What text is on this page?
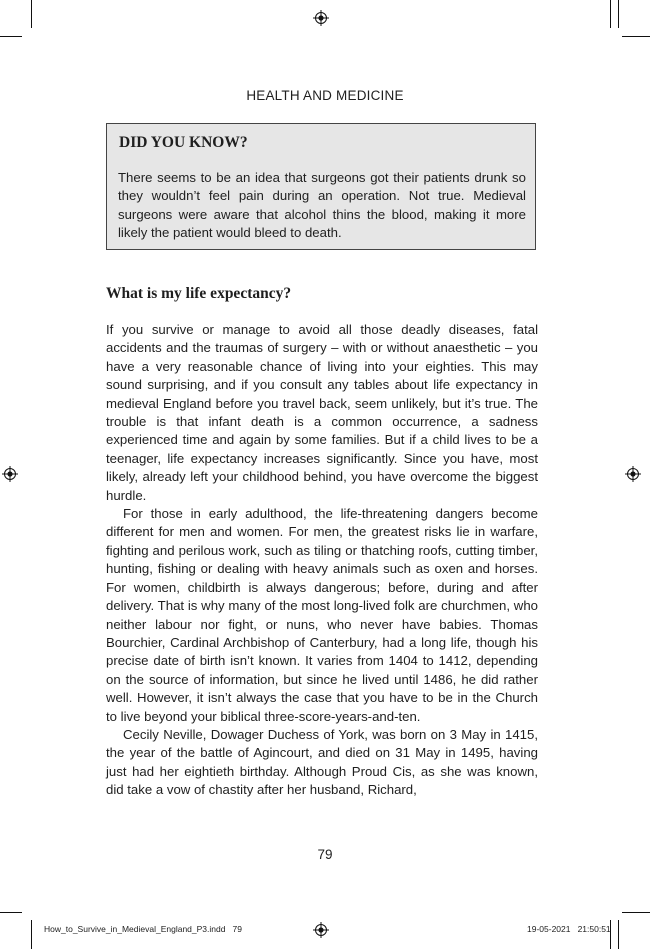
HEALTH AND MEDICINE
DID YOU KNOW?
There seems to be an idea that surgeons got their patients drunk so they wouldn’t feel pain during an operation. Not true. Medieval surgeons were aware that alcohol thins the blood, making it more likely the patient would bleed to death.
What is my life expectancy?

If you survive or manage to avoid all those deadly diseases, fatal accidents and the traumas of surgery – with or without anaesthetic – you have a very reasonable chance of living into your eighties. This may sound surprising, and if you consult any tables about life expectancy in medieval England before you travel back, seem unlikely, but it’s true. The trouble is that infant death is a common occurrence, a sadness experienced time and again by some families. But if a child lives to be a teenager, life expectancy increases significantly. Since you have, most likely, already left your childhood behind, you have overcome the biggest hurdle.

For those in early adulthood, the life-threatening dangers become different for men and women. For men, the greatest risks lie in warfare, fighting and perilous work, such as tiling or thatching roofs, cutting timber, hunting, fishing or dealing with heavy animals such as oxen and horses. For women, childbirth is always dangerous; before, during and after delivery. That is why many of the most long-lived folk are churchmen, who neither labour nor fight, or nuns, who never have babies. Thomas Bourchier, Cardinal Archbishop of Canterbury, had a long life, though his precise date of birth isn’t known. It varies from 1404 to 1412, depending on the source of information, but since he lived until 1486, he did rather well. However, it isn’t always the case that you have to be in the Church to live beyond your biblical three-score-years-and-ten.

Cecily Neville, Dowager Duchess of York, was born on 3 May in 1415, the year of the battle of Agincourt, and died on 31 May in 1495, having just had her eightieth birthday. Although Proud Cis, as she was known, did take a vow of chastity after her husband, Richard,

79
How_to_Survive_in_Medieval_England_P3.indd   79	19-05-2021   21:50:51
